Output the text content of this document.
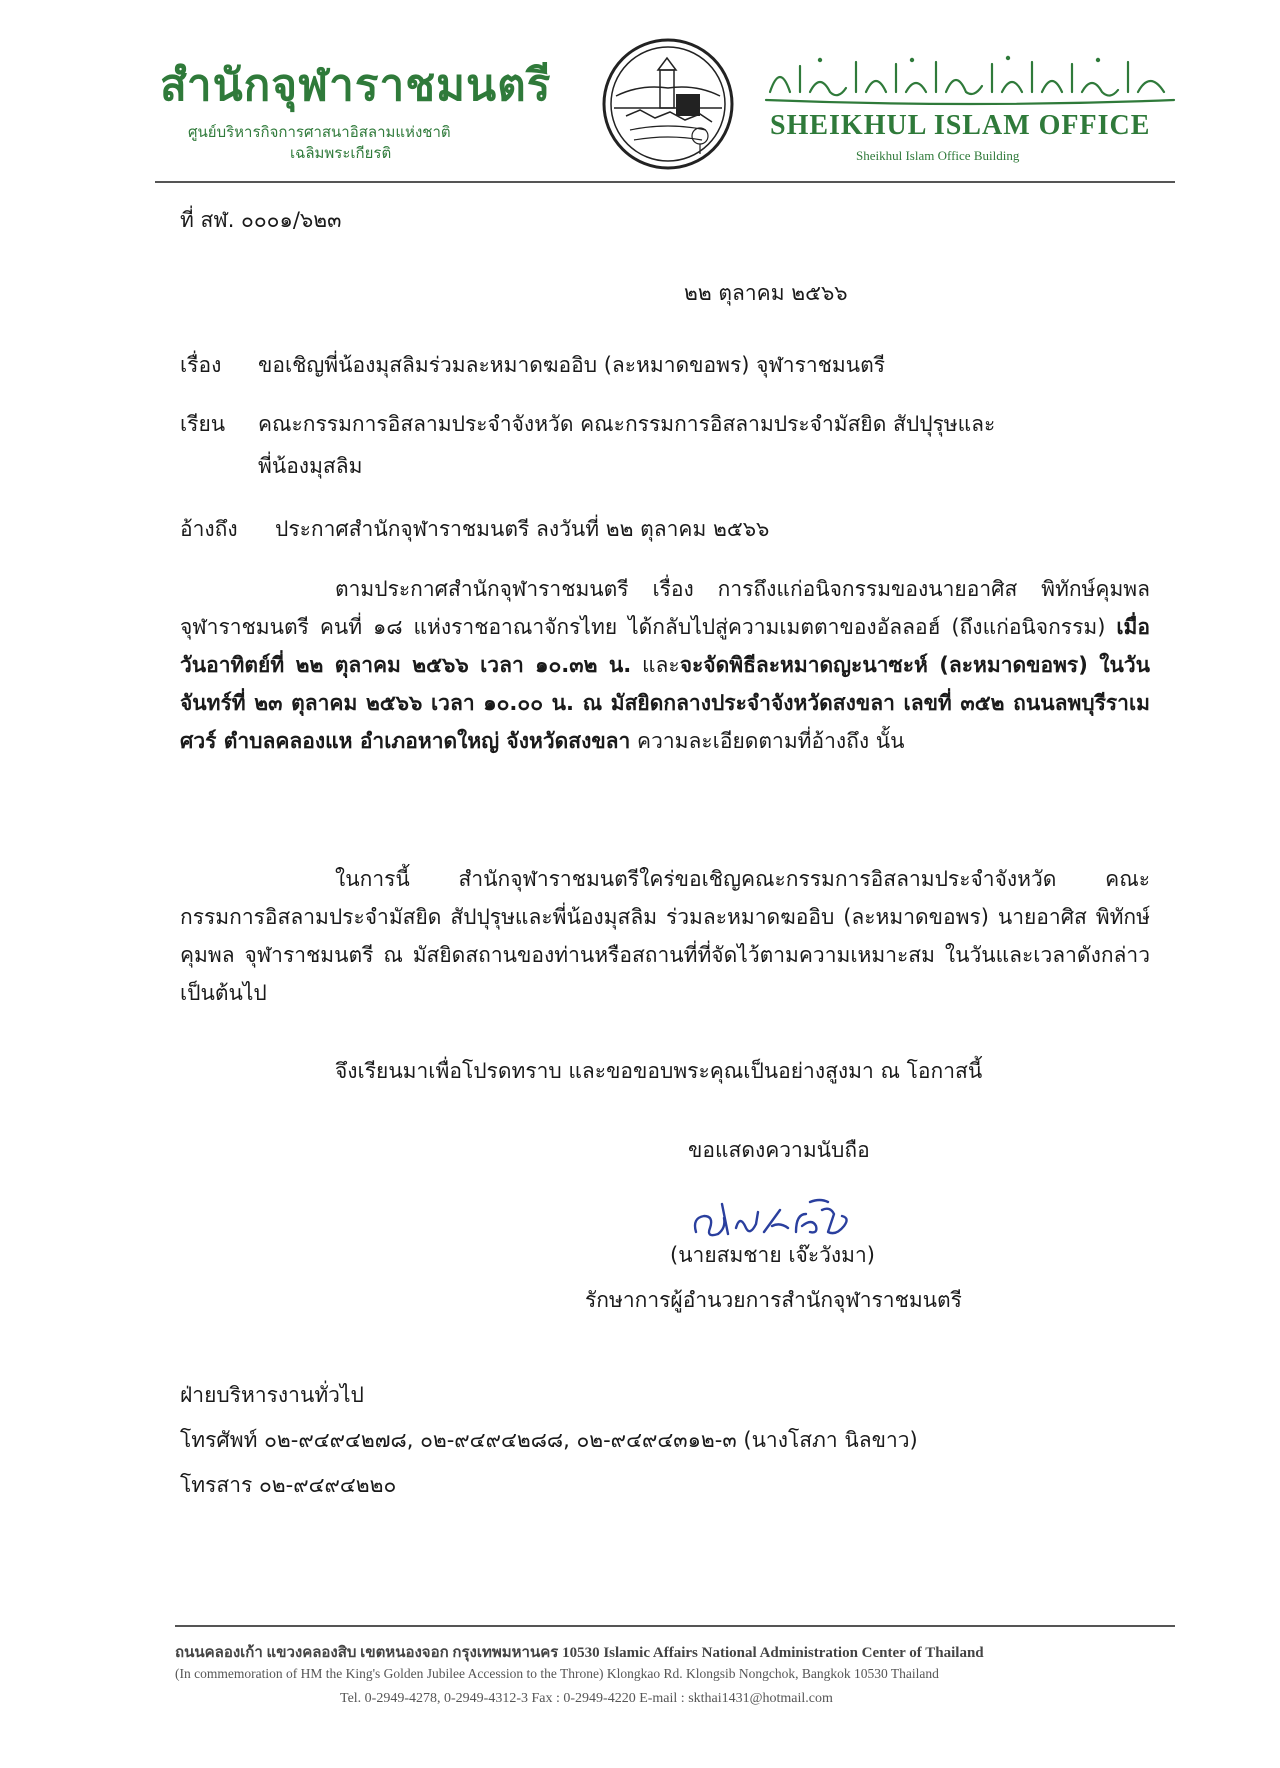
สำนักจุฬาราชมนตรี
ศูนย์บริหารกิจการศาสนาอิสลามแห่งชาติ
เฉลิมพระเกียรติ
SHEIKHUL ISLAM OFFICE
Sheikhul Islam Office Building
ที่ สฬ. ๐๐๐๑/๖๒๓
๒๒ ตุลาคม ๒๕๖๖
เรื่อง ขอเชิญพี่น้องมุสลิมร่วมละหมาดฆออิบ (ละหมาดขอพร) จุฬาราชมนตรี
เรียน คณะกรรมการอิสลามประจำจังหวัด คณะกรรมการอิสลามประจำมัสยิด สัปปุรุษและ
พี่น้องมุสลิม
อ้างถึง ประกาศสำนักจุฬาราชมนตรี ลงวันที่ ๒๒ ตุลาคม ๒๕๖๖
ตามประกาศสำนักจุฬาราชมนตรี เรื่อง การถึงแก่อนิจกรรมของนายอาศิส พิทักษ์คุมพล จุฬาราชมนตรี คนที่ ๑๘ แห่งราชอาณาจักรไทย ได้กลับไปสู่ความเมตตาของอัลลอฮ์ (ถึงแก่อนิจกรรม) เมื่อวันอาทิตย์ที่ ๒๒ ตุลาคม ๒๕๖๖ เวลา ๑๐.๓๒ น. และจะจัดพิธีละหมาดญะนาซะห์ (ละหมาดขอพร) ในวันจันทร์ที่ ๒๓ ตุลาคม ๒๕๖๖ เวลา ๑๐.๐๐ น. ณ มัสยิดกลางประจำจังหวัดสงขลา เลขที่ ๓๕๒ ถนนลพบุรีราเมศวร์ ตำบลคลองแห อำเภอหาดใหญ่ จังหวัดสงขลา ความละเอียดตามที่อ้างถึง นั้น
ในการนี้ สำนักจุฬาราชมนตรีใคร่ขอเชิญคณะกรรมการอิสลามประจำจังหวัด คณะกรรมการอิสลามประจำมัสยิด สัปปุรุษและพี่น้องมุสลิม ร่วมละหมาดฆออิบ (ละหมาดขอพร) นายอาศิส พิทักษ์คุมพล จุฬาราชมนตรี ณ มัสยิดสถานของท่านหรือสถานที่ที่จัดไว้ตามความเหมาะสม ในวันและเวลาดังกล่าวเป็นต้นไป
จึงเรียนมาเพื่อโปรดทราบ และขอขอบพระคุณเป็นอย่างสูงมา ณ โอกาสนี้
ขอแสดงความนับถือ
(นายสมชาย เจ๊ะวังมา)
รักษาการผู้อำนวยการสำนักจุฬาราชมนตรี
ฝ่ายบริหารงานทั่วไป
โทรศัพท์ ๐๒-๙๔๙๔๒๗๘, ๐๒-๙๔๙๔๒๘๘, ๐๒-๙๔๙๔๓๑๒-๓ (นางโสภา นิลขาว)
โทรสาร ๐๒-๙๔๙๔๒๒๐
ถนนคลองเก้า แขวงคลองสิบ เขตหนองจอก กรุงเทพมหานคร 10530 Islamic Affairs National Administration Center of Thailand
(In commemoration of HM the King's Golden Jubilee Accession to the Throne) Klongkao Rd. Klongsib Nongchok, Bangkok 10530 Thailand
Tel. 0-2949-4278, 0-2949-4312-3 Fax : 0-2949-4220 E-mail : skthai1431@hotmail.com
